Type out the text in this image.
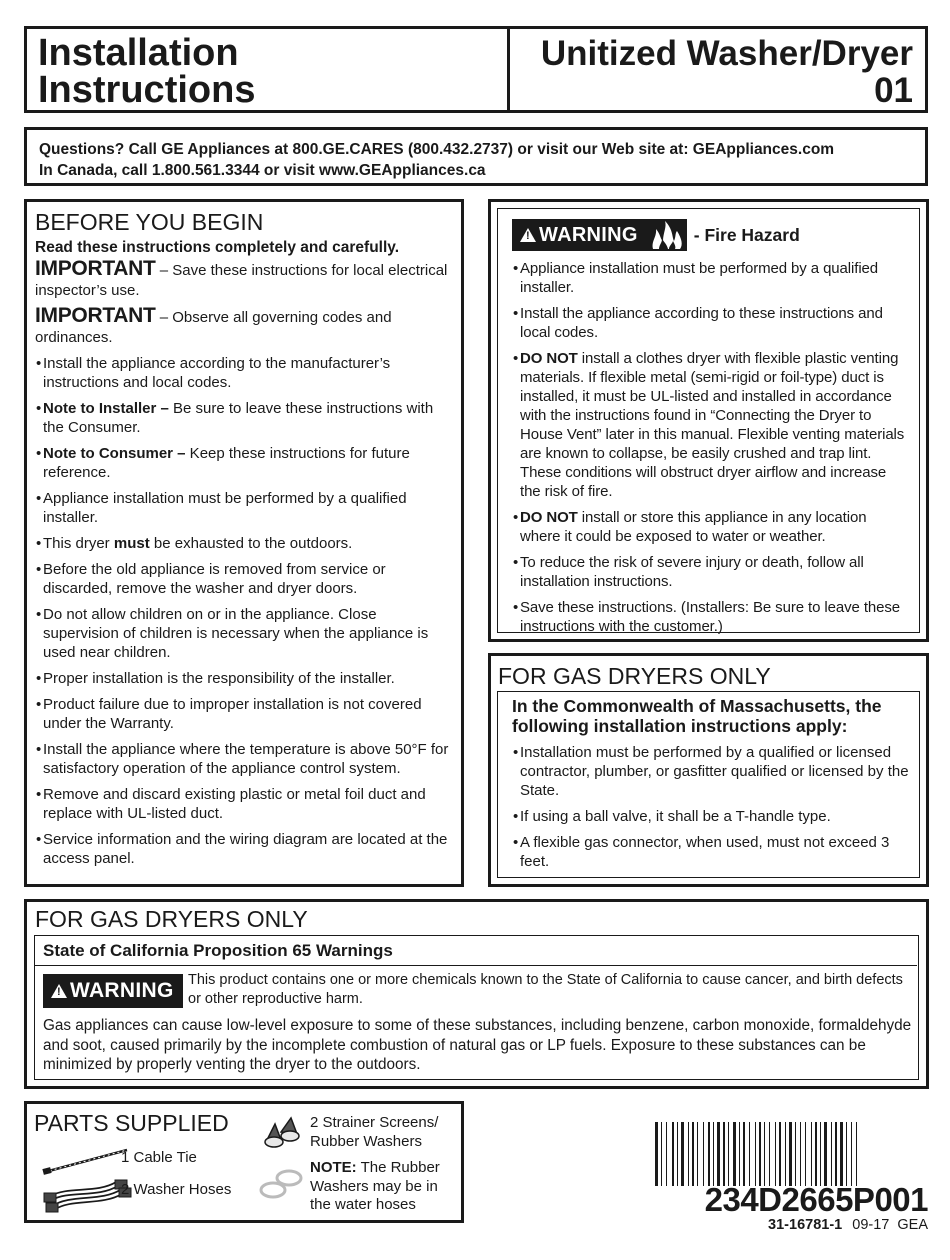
Installation
Instructions
Unitized Washer/Dryer
01
Questions? Call GE Appliances at 800.GE.CARES (800.432.2737) or visit our Web site at: GEAppliances.com
In Canada, call 1.800.561.3344 or visit www.GEAppliances.ca
BEFORE YOU BEGIN
Read these instructions completely and carefully.
IMPORTANT – Save these instructions for local electrical inspector’s use.
IMPORTANT – Observe all governing codes and ordinances.
• Install the appliance according to the manufacturer’s instructions and local codes.
• Note to Installer – Be sure to leave these instructions with the Consumer.
• Note to Consumer – Keep these instructions for future reference.
• Appliance installation must be performed by a qualified installer.
• This dryer must be exhausted to the outdoors.
• Before the old appliance is removed from service or discarded, remove the washer and dryer doors.
• Do not allow children on or in the appliance. Close supervision of children is necessary when the appliance is used near children.
• Proper installation is the responsibility of the installer.
• Product failure due to improper installation is not covered under the Warranty.
• Install the appliance where the temperature is above 50°F for satisfactory operation of the appliance control system.
• Remove and discard existing plastic or metal foil duct and replace with UL-listed duct.
• Service information and the wiring diagram are located at the access panel.
! WARNING	- Fire Hazard
• Appliance installation must be performed by a qualified installer.
• Install the appliance according to these instructions and local codes.
• DO NOT install a clothes dryer with flexible plastic venting materials. If flexible metal (semi-rigid or foil-type) duct is installed, it must be UL-listed and installed in accordance with the instructions found in “Connecting the Dryer to House Vent” later in this manual. Flexible venting materials are known to collapse, be easily crushed and trap lint. These conditions will obstruct dryer airflow and increase the risk of fire.
• DO NOT install or store this appliance in any location where it could be exposed to water or weather.
• To reduce the risk of severe injury or death, follow all installation instructions.
• Save these instructions. (Installers: Be sure to leave these instructions with the customer.)
FOR GAS DRYERS ONLY
In the Commonwealth of Massachusetts, the following installation instructions apply:
• Installation must be performed by a qualified or licensed contractor, plumber, or gasfitter qualified or licensed by the State.
• If using a ball valve, it shall be a T-handle type.
• A flexible gas connector, when used, must not exceed 3 feet.
FOR GAS DRYERS ONLY
State of California Proposition 65 Warnings
! WARNING This product contains one or more chemicals known to the State of California to cause cancer, and birth defects or other reproductive harm.
Gas appliances can cause low-level exposure to some of these substances, including benzene, carbon monoxide, formaldehyde and soot, caused primarily by the incomplete combustion of natural gas or LP fuels. Exposure to these substances can be minimized by properly venting the dryer to the outdoors.
PARTS SUPPLIED
1 Cable Tie
2 Washer Hoses
2 Strainer Screens/
Rubber Washers
NOTE: The Rubber
Washers may be in
the water hoses	234D2665P001
31-16781-1 09-17 GEA
